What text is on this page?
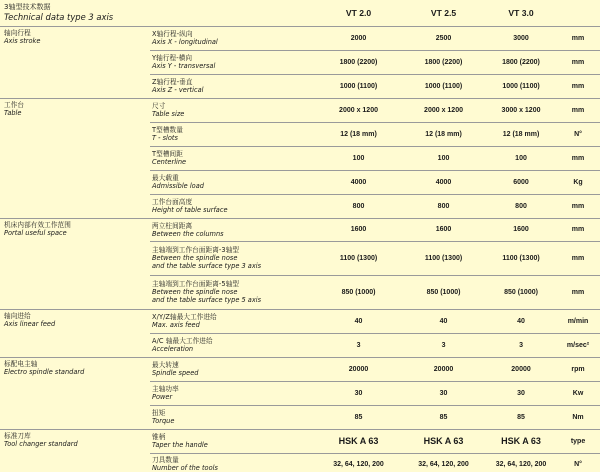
3轴型技术数据
Technical data type 3 axis		VT 2.0	VT 2.5	VT 3.0	

轴向行程
Axis stroke	X轴行程-纵向
Axis X - longitudinal	2000	2500	3000	mm

	Y轴行程-横向
Axis Y - transversal	1800 (2200)	1800 (2200)	1800 (2200)	mm

	Z轴行程-垂直
Axis Z - vertical	1000 (1100)	1000 (1100)	1000 (1100)	mm

工作台
Table	尺寸
Table size	2000 x 1200	2000 x 1200	3000 x 1200	mm

	T型槽数量
T - slots	12 (18 mm)	12 (18 mm)	12 (18 mm)	N°

	T型槽间距
Centerline	100	100	100	mm

	最大载重
Admissible load	4000	4000	6000	Kg

	工作台面高度
Height of table surface	800	800	800	mm

机床内部有效工作范围
Portal useful space	两立柱间距离
Between the columns	1600	1600	1600	mm

	主轴端到工作台面距离-3轴型
Between the spindle nose
and the table surface type 3 axis	1100 (1300)	1100 (1300)	1100 (1300)	mm

	主轴端到工作台面距离-5轴型
Between the spindle nose
and the table surface type 5 axis	850 (1000)	850 (1000)	850 (1000)	mm

轴向进给
Axis linear feed	X/Y/Z轴最大工作进给
Max. axis feed	40	40	40	m/min

	A/C 轴最大工作进给
Acceleration	3	3	3	m/sec²

标配电主轴
Electro spindle standard	最大转速
Spindle speed	20000	20000	20000	rpm

	主轴功率
Power	30	30	30	Kw

	扭矩
Torque	85	85	85	Nm

标准刀库
Tool changer standard	锥柄
Taper the handle	HSK A 63	HSK A 63	HSK A 63	type

	刀具数量
Number of the tools	32, 64, 120, 200	32, 64, 120, 200	32, 64, 120, 200	N°
